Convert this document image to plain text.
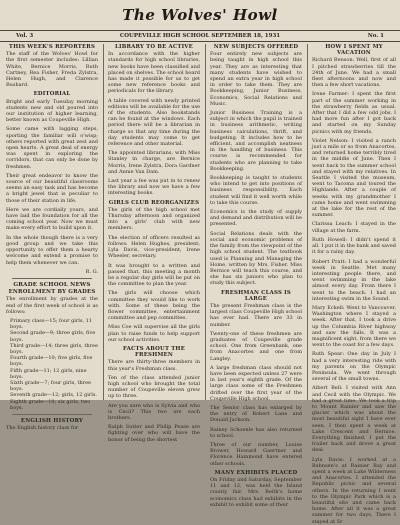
The Wolves' Howl
Vol. 3	COUPEVILLE HIGH SCHOOL SEPTEMBER 18, 1931	No. 1
THIS WEEK'S REPORTERS
The staff of the Wolves' Howl for the first semester includes: Lillian White, Bernice Morris, Ruth Cartney, Rea Fisher, Freda Zylstra, Helen Hugh, and Clarence Bushard.
EDITORIAL
Bright and early Tuesday morning students new and old poured into our institution of higher learning, better known as Coupeville High.
Some came with lagging steps, sporting the familiar will o'wisp; others reported with great zest and open hearts. A great deal of energy was spent in exploring the corridors, that can only be done by freshmen.
Their great endeavor to know the source of our beautiful classrooms seems an easy task and has become a bright jewel that is peculiar to those of their station in life.
Here we are cordially yours, and have laid the foundation for all the coming school year. Now we must make every effort to build upon it.
In the whole though there is a very good group and we take this opportunity to offer them a hearty welcome and extend a promise to help them whenever we can.
R. G.
GRADE SCHOOL NEWS
ENROLLMENT BY GRADES
The enrollment by grades at the end of the first week of school is as follows:
Primary class—15; four girls, 11 boys.
Second grade—9; three girls, five boys.
Third grade—14; three girls, three boys.
Fourth grade—10; five girls, five boys.
Fifth grade—11; 12 girls, nine boys.
Sixth grade—7; four girls, three boys.
Seventh grade—12; girls, 12 girls.
Eighth grade—10; six girls, two boys.
ENGLISH HISTORY
The English history class for
LIBRARY TO BE ACTIVE
In accordance with the higher standards for high school libraries, new books have been classified and placed on shelves. The school board has made it possible for us to get some new reference books and periodicals for the library.
A table covered with newly printed editions will be available for the use of the students. Also bookstands can be found at the windows. Each period there will be a librarian in charge so that any time during the day students may come to get reference and other material.
The appointed librarians, with Miss Stanley in charge, are Bernice Morris, Irene Zylstra, Dora Gardner and Annie Van Dam.
Last year a fee was put in to renew the library and now we have a few interesting books.
GIRLS CLUB REORGANIZES
The girls of the high school met Thursday afternoon and organized into a girls' club with new members.
The election of officers resulted as follows: Helen Hughes, president; Lyla Davis, vice-president; Irene Wheeler, secretary.
It was brought to a written and passed that, this meeting a month be a regular day girls will be put on the committee to plan the year.
The girls will choose which committee they would like to work with. Some of these being the flower committee, entertainment committee and pep committee.
Miss Coe will supervise all the girls plan to raise funds to help support our school activities.
FACTS ABOUT THE FRESHMEN
There are thirty-three members in this year's Freshman class.
Ten of the class attended junior high school who brought the total number of Coupeville eleven grew up to three.
Are you sure who is Sylvia and who is Cecil? This two are each brothers.
Ralph Sutter and Philip Pease are fighting over who will have the honor of being the shortest
NEW SUBJECTS OFFERED
Four entirely new subjects are being taught in high school this year. They are as interesting that many students have wished to spend an extra year in high school in order to take them. They are Bookkeeping, Junior Business, Economics, Social Relations and Music.
Junior Business Training is a subject in which the pupil is trained in business arithmetic, writing business calculations, thrift, and budgeting. It includes how to be efficient, and accomplish neatness in the handling of business. This course is recommended for students who are planning to take Bookkeeping.
Bookkeeping is taught to students who intend to get into positions of business responsibility. Each student will find it well worth while to take this course.
Economics is the study of supply and demand and distribution will be presented.
Social Relations deals with the social and economic problems of the family from the viewpoint of the high school student. The textbook used is Planning and Managing the Home, written by Mrs. Fisher. Miss Bernice will teach this course, and she has six juniors who plan to study this subject.
FRESHMAN CLASS IS LARGE
The present Freshman class is the largest class Coupeville High school has ever had. There are 33 in number.
Twenty-one of these freshmen are graduates of Coupeville grade school. One from Greenbank, one from Anacortes and one from Langley.
A large freshman class should not have been expected unless 27 were in last year's eighth grade. Of the large class some of the Freshmen drifted over the first year of the Coupeville High school.
The Senior class has enlarged by the entry of Robert Lane and Donald Jackson.
Rainey Schoenle has also returned to school.
Three of our number, Louise Brower, Howard Gaertner and Florence Hammond have entered other schools.
MANY EXHIBITS PLACED
On Friday and Saturday, September 11 and 12, was held the Island county fair. Mrs. Beith's home economics class had exhibits in the exhibit to exhibit some of their
HOW I SPENT MY VACATION
Richard Benson: Well, first of all I pitched strawberries till the 24th of June. We had a small fleet afternoons and now and then a few short vacations.
Irene Farmer: I spent the first part of the summer working in the strawberry fields as usual. After that I did a few odd jobs. I had more fun after I got back and started on my Sunday picnics with my friends.
Violet Nelson: I visited a ranch just a mile or so from Anacortes, and returned home terribly tired in the middle of June. Then I went back to the summer school and stayed with my relatives. In Seattle I visited the museum, went to Tacoma and toured the Highlands. After a couple of weeks with my grandmother I came home and went swimming at the lake for the rest of the summer.
Clarissa Leach: I stayed in the village at the farm.
Ruth Howell: I didn't spend it all. I put it in the bank and saved it for a rainy day.
Robert Pratt: I had a wonderful week in Seattle. Met many interesting people there, and went swimming in the lake almost every day. From there I went to the beach. I had an interesting swim in the Sound.
Mary Eckell: Went to Vancouver, Washington where I stayed a week. After that, I took a drive up the Columbia River highway and saw the falls. It was a magnificent sight, from there we went to the coast for a few days.
Ruth Spear: One day in July I had a very interesting ride with my parents on the Olympic Peninsula. We went through several of the small towns.
Albert Bell: I visited with Ann and Cecil with the Olympic. We had a great time. We took a trip to Mount Rainier and saw the glacier which was about the most beautiful sight I have ever seen. I then spent a week at Lake Crescent and Bernice. Everything finished, I put the trailer back and drove a great deal.
Lyla Davis: I worked at a Bahnsen's at Rainier Bay and spent a week at Lake Wilderness and Anacortes. I attended the Republic picnic and several others. In the returning I went to the Olympic Park which is a beautiful site and came back home. After all it was a great summer for two days. There I stayed at Sr
